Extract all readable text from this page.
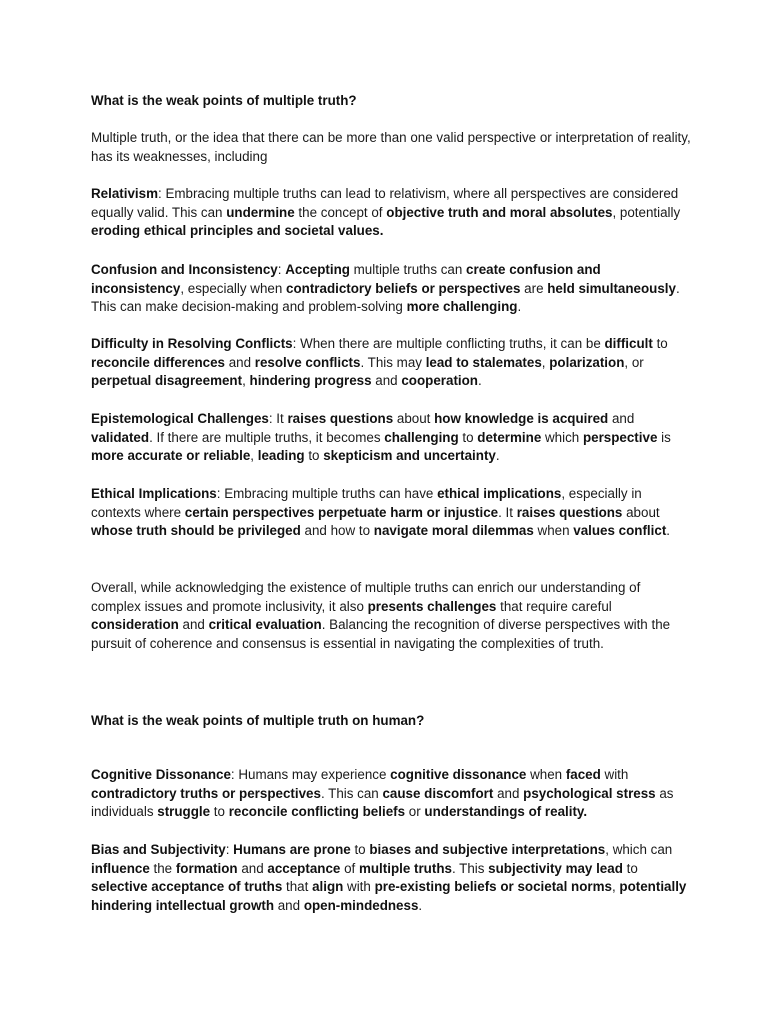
What is the weak points of multiple truth?

Multiple truth, or the idea that there can be more than one valid perspective or interpretation of reality, has its weaknesses, including

Relativism: Embracing multiple truths can lead to relativism, where all perspectives are considered equally valid. This can undermine the concept of objective truth and moral absolutes, potentially eroding ethical principles and societal values.

Confusion and Inconsistency: Accepting multiple truths can create confusion and inconsistency, especially when contradictory beliefs or perspectives are held simultaneously. This can make decision-making and problem-solving more challenging.

Difficulty in Resolving Conflicts: When there are multiple conflicting truths, it can be difficult to reconcile differences and resolve conflicts. This may lead to stalemates, polarization, or perpetual disagreement, hindering progress and cooperation.

Epistemological Challenges: It raises questions about how knowledge is acquired and validated. If there are multiple truths, it becomes challenging to determine which perspective is more accurate or reliable, leading to skepticism and uncertainty.

Ethical Implications: Embracing multiple truths can have ethical implications, especially in contexts where certain perspectives perpetuate harm or injustice. It raises questions about whose truth should be privileged and how to navigate moral dilemmas when values conflict.

Overall, while acknowledging the existence of multiple truths can enrich our understanding of complex issues and promote inclusivity, it also presents challenges that require careful consideration and critical evaluation. Balancing the recognition of diverse perspectives with the pursuit of coherence and consensus is essential in navigating the complexities of truth.

What is the weak points of multiple truth on human?

Cognitive Dissonance: Humans may experience cognitive dissonance when faced with contradictory truths or perspectives. This can cause discomfort and psychological stress as individuals struggle to reconcile conflicting beliefs or understandings of reality.

Bias and Subjectivity: Humans are prone to biases and subjective interpretations, which can influence the formation and acceptance of multiple truths. This subjectivity may lead to selective acceptance of truths that align with pre-existing beliefs or societal norms, potentially hindering intellectual growth and open-mindedness.
